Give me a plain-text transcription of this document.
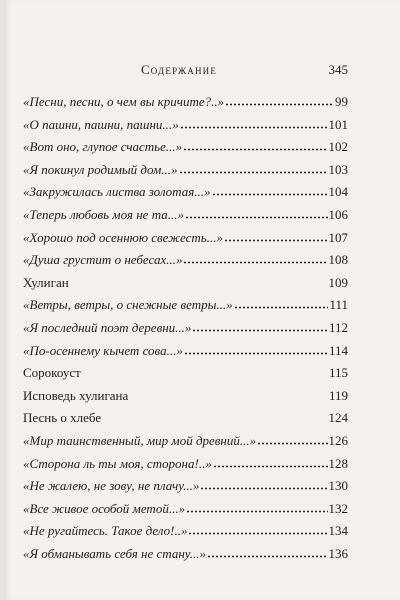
Содержание	345
«Песни, песни, о чем вы кричите?..»	99
«О пашни, пашни, пашни...»	101
«Вот оно, глупое счастье...»	102
«Я покинул родимый дом...»	103
«Закружилась листва золотая...»	104
«Теперь любовь моя не та...»	106
«Хорошо под осеннюю свежесть...»	107
«Душа грустит о небесах...»	108
Хулиган	109
«Ветры, ветры, о снежные ветры...»	111
«Я последний поэт деревни...»	112
«По-осеннему кычет сова...»	114
Сорокоуст	115
Исповедь хулигана	119
Песнь о хлебе	124
«Мир таинственный, мир мой древний...»	126
«Сторона ль ты моя, сторона!..»	128
«Не жалею, не зову, не плачу...»	130
«Все живое особой метой...»	132
«Не ругайтесь. Такое дело!..»	134
«Я обманывать себя не стану...»	136
